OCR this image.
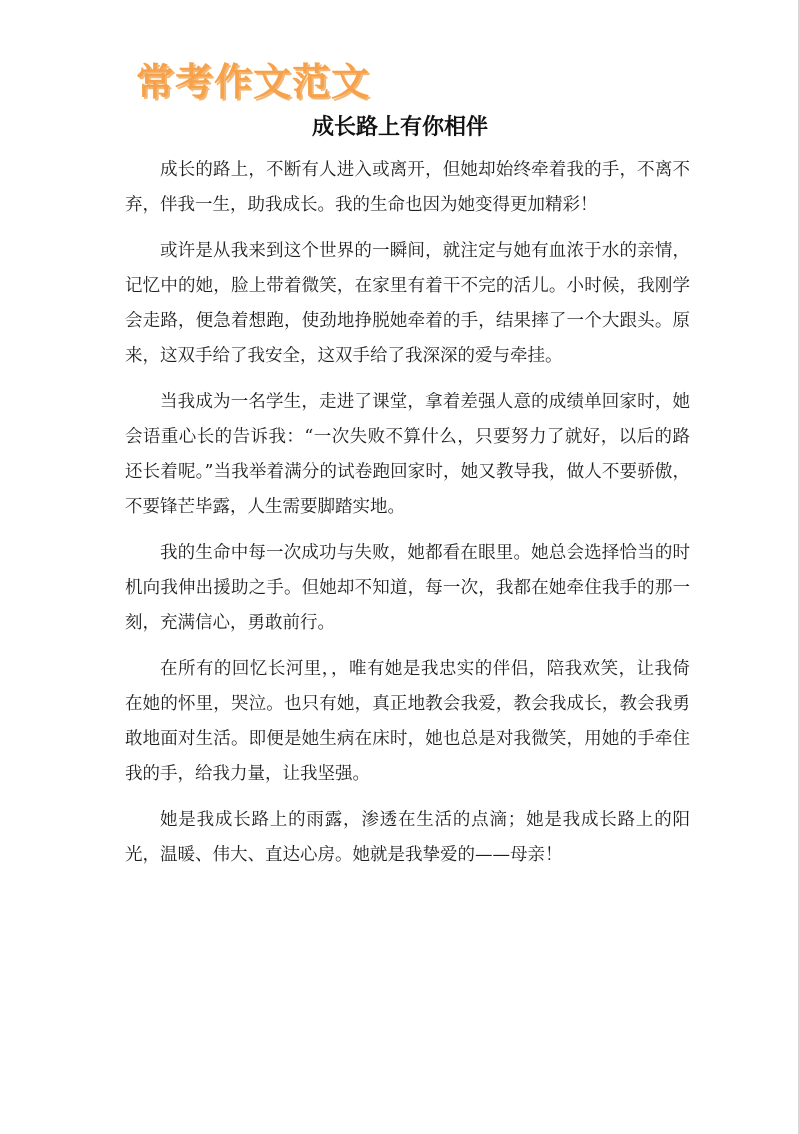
常考作文范文
成长路上有你相伴

成长的路上，不断有人进入或离开，但她却始终牵着我的手，不离不弃，伴我一生，助我成长。我的生命也因为她变得更加精彩！

或许是从我来到这个世界的一瞬间，就注定与她有血浓于水的亲情，记忆中的她，脸上带着微笑，在家里有着干不完的活儿。小时候，我刚学会走路，便急着想跑，使劲地挣脱她牵着的手，结果摔了一个大跟头。原来，这双手给了我安全，这双手给了我深深的爱与牵挂。

当我成为一名学生，走进了课堂，拿着差强人意的成绩单回家时，她会语重心长的告诉我：“一次失败不算什么，只要努力了就好，以后的路还长着呢。”当我举着满分的试卷跑回家时，她又教导我，做人不要骄傲，不要锋芒毕露，人生需要脚踏实地。

我的生命中每一次成功与失败，她都看在眼里。她总会选择恰当的时机向我伸出援助之手。但她却不知道，每一次，我都在她牵住我手的那一刻，充满信心，勇敢前行。

在所有的回忆长河里，，唯有她是我忠实的伴侣，陪我欢笑，让我倚在她的怀里，哭泣。也只有她，真正地教会我爱，教会我成长，教会我勇敢地面对生活。即便是她生病在床时，她也总是对我微笑，用她的手牵住我的手，给我力量，让我坚强。

她是我成长路上的雨露，渗透在生活的点滴；她是我成长路上的阳光，温暖、伟大、直达心房。她就是我挚爱的——母亲！
